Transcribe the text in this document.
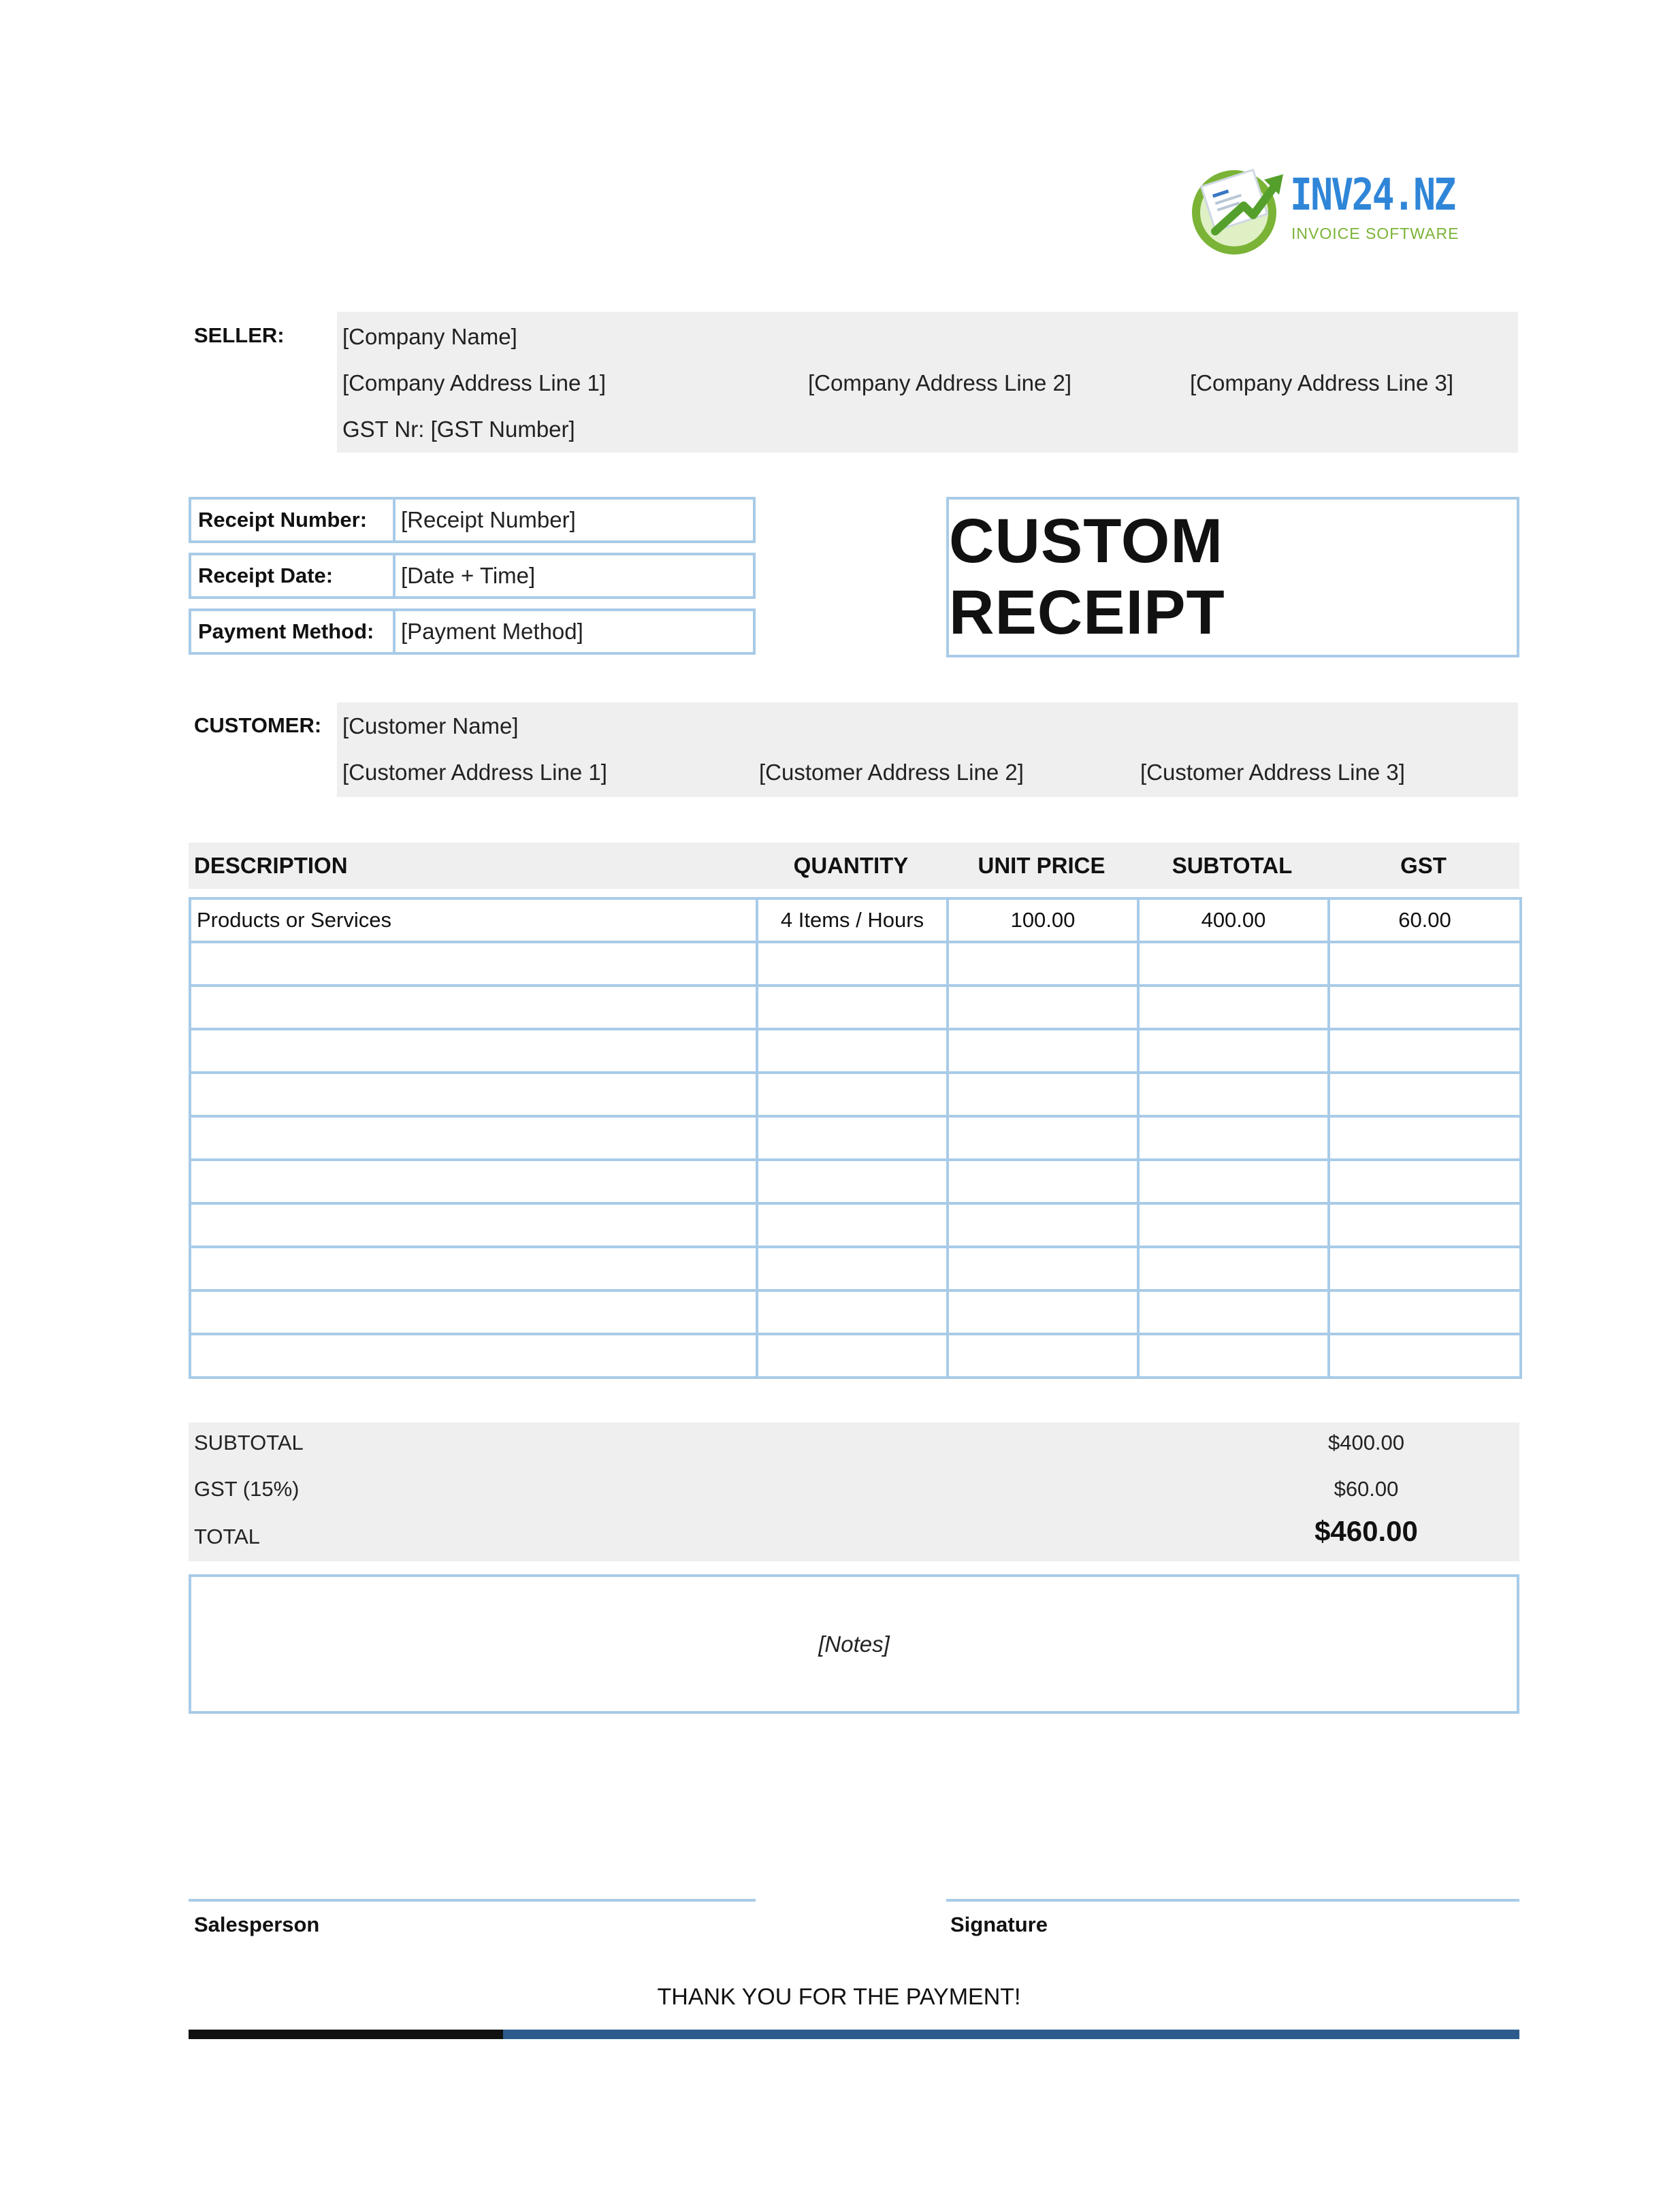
INV24.NZ
INVOICE SOFTWARE
SELLER:	[Company Name]
[Company Address Line 1]	[Company Address Line 2]	[Company Address Line 3]
GST Nr: [GST Number]
Receipt Number:	[Receipt Number]
Receipt Date:	[Date + Time]
Payment Method:	[Payment Method]
CUSTOM RECEIPT
CUSTOMER: [Customer Name]
[Customer Address Line 1]	[Customer Address Line 2]	[Customer Address Line 3]
DESCRIPTION	QUANTITY	UNIT PRICE	SUBTOTAL	GST
Products or Services	4 Items / Hours	100.00	400.00	60.00

SUBTOTAL	$400.00
GST (15%)	$60.00
TOTAL	$460.00
[Notes]
Salesperson	Signature
THANK YOU FOR THE PAYMENT!
